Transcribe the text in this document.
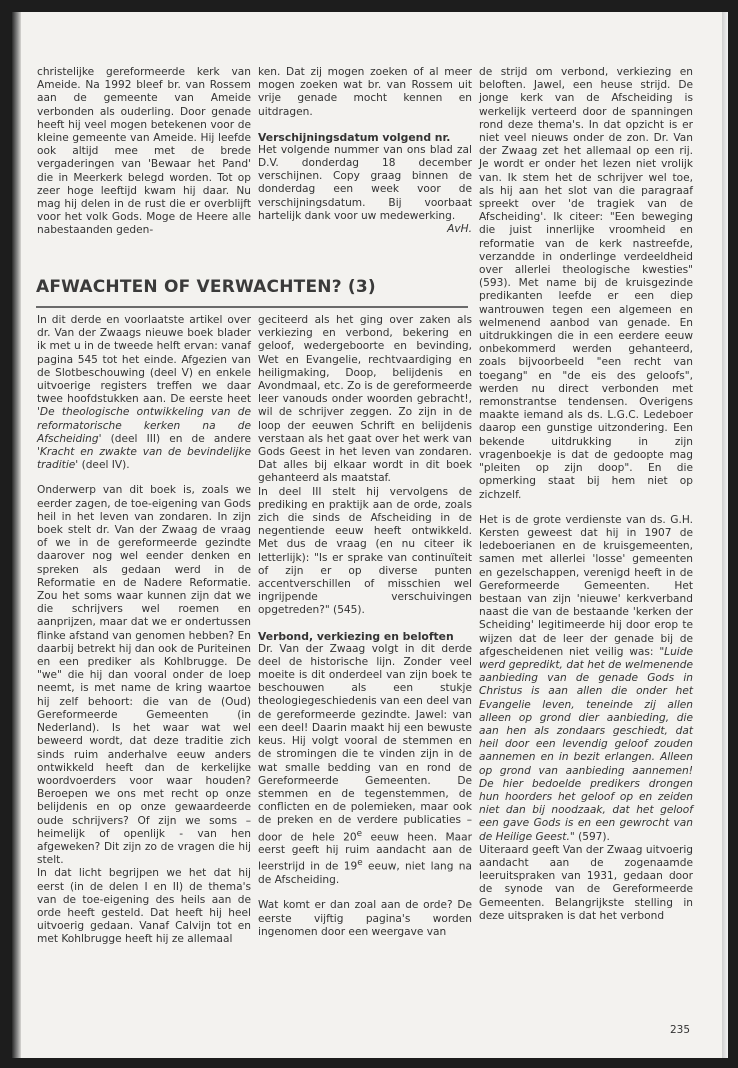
christelijke gereformeerde kerk van Ameide. Na 1992 bleef br. van Rossem aan de gemeente van Ameide verbonden als ouderling. Door genade heeft hij veel mogen betekenen voor de kleine gemeente van Ameide. Hij leefde ook altijd mee met de brede vergaderingen van 'Bewaar het Pand' die in Meerkerk belegd worden. Tot op zeer hoge leeftijd kwam hij daar. Nu mag hij delen in de rust die er overblijft voor het volk Gods. Moge de Heere alle nabestaanden geden-

ken. Dat zij mogen zoeken of al meer mogen zoeken wat br. van Rossem uit vrije genade mocht kennen en uitdragen.

Verschijningsdatum volgend nr.

Het volgende nummer van ons blad zal D.V. donderdag 18 december verschijnen. Copy graag binnen de donderdag een week voor de verschijningsdatum. Bij voorbaat hartelijk dank voor uw medewerking.

AvH.

AFWACHTEN OF VERWACHTEN? (3)

In dit derde en voorlaatste artikel over dr. Van der Zwaags nieuwe boek blader ik met u in de tweede helft ervan: vanaf pagina 545 tot het einde. Afgezien van de Slotbeschouwing (deel V) en enkele uitvoerige registers treffen we daar twee hoofdstukken aan. De eerste heet 'De theologische ontwikkeling van de reformatorische kerken na de Afscheiding' (deel III) en de andere 'Kracht en zwakte van de bevindelijke traditie' (deel IV).

Onderwerp van dit boek is, zoals we eerder zagen, de toe-eigening van Gods heil in het leven van zondaren. In zijn boek stelt dr. Van der Zwaag de vraag of we in de gereformeerde gezindte daarover nog wel eender denken en spreken als gedaan werd in de Reformatie en de Nadere Reformatie. Zou het soms waar kunnen zijn dat we die schrijvers wel roemen en aanprijzen, maar dat we er ondertussen flinke afstand van genomen hebben? En daarbij betrekt hij dan ook de Puriteinen en een prediker als Kohlbrugge. De "we" die hij dan vooral onder de loep neemt, is met name de kring waartoe hij zelf behoort: die van de (Oud) Gereformeerde Gemeenten (in Nederland). Is het waar wat wel beweerd wordt, dat deze traditie zich sinds ruim anderhalve eeuw anders ontwikkeld heeft dan de kerkelijke woordvoerders voor waar houden? Beroepen we ons met recht op onze belijdenis en op onze gewaardeerde oude schrijvers? Of zijn we soms – heimelijk of openlijk - van hen afgeweken? Dit zijn zo de vragen die hij stelt.

In dat licht begrijpen we het dat hij eerst (in de delen I en II) de thema's van de toe-eigening des heils aan de orde heeft gesteld. Dat heeft hij heel uitvoerig gedaan. Vanaf Calvijn tot en met Kohlbrugge heeft hij ze allemaal

geciteerd als het ging over zaken als verkiezing en verbond, bekering en geloof, wedergeboorte en bevinding, Wet en Evangelie, rechtvaardiging en heiligmaking, Doop, belijdenis en Avondmaal, etc. Zo is de gereformeerde leer vanouds onder woorden gebracht!, wil de schrijver zeggen. Zo zijn in de loop der eeuwen Schrift en belijdenis verstaan als het gaat over het werk van Gods Geest in het leven van zondaren. Dat alles bij elkaar wordt in dit boek gehanteerd als maatstaf.

In deel III stelt hij vervolgens de prediking en praktijk aan de orde, zoals zich die sinds de Afscheiding in de negentiende eeuw heeft ontwikkeld. Met dus de vraag (en nu citeer ik letterlijk): "Is er sprake van continuïteit of zijn er op diverse punten accentverschillen of misschien wel ingrijpende verschuivingen opgetreden?" (545).

Verbond, verkiezing en beloften

Dr. Van der Zwaag volgt in dit derde deel de historische lijn. Zonder veel moeite is dit onderdeel van zijn boek te beschouwen als een stukje theologiegeschiedenis van een deel van de gereformeerde gezindte. Jawel: van een deel! Daarin maakt hij een bewuste keus. Hij volgt vooral de stemmen en de stromingen die te vinden zijn in de wat smalle bedding van en rond de Gereformeerde Gemeenten. De stemmen en de tegenstemmen, de conflicten en de polemieken, maar ook de preken en de verdere publicaties – door de hele 20e eeuw heen. Maar eerst geeft hij ruim aandacht aan de leerstrijd in de 19e eeuw, niet lang na de Afscheiding.

Wat komt er dan zoal aan de orde? De eerste vijftig pagina's worden ingenomen door een weergave van

de strijd om verbond, verkiezing en beloften. Jawel, een heuse strijd. De jonge kerk van de Afscheiding is werkelijk verteerd door de spanningen rond deze thema's. In dat opzicht is er niet veel nieuws onder de zon. Dr. Van der Zwaag zet het allemaal op een rij. Je wordt er onder het lezen niet vrolijk van. Ik stem het de schrijver wel toe, als hij aan het slot van die paragraaf spreekt over 'de tragiek van de Afscheiding'. Ik citeer: "Een beweging die juist innerlijke vroomheid en reformatie van de kerk nastreefde, verzandde in onderlinge verdeeldheid over allerlei theologische kwesties" (593). Met name bij de kruisgezinde predikanten leefde er een diep wantrouwen tegen een algemeen en welmenend aanbod van genade. En uitdrukkingen die in een eerdere eeuw onbekommerd werden gehanteerd, zoals bijvoorbeeld "een recht van toegang" en "de eis des geloofs", werden nu direct verbonden met remonstrantse tendensen. Overigens maakte iemand als ds. L.G.C. Ledeboer daarop een gunstige uitzondering. Een bekende uitdrukking in zijn vragenboekje is dat de gedoopte mag "pleiten op zijn doop". En die opmerking staat bij hem niet op zichzelf.

Het is de grote verdienste van ds. G.H. Kersten geweest dat hij in 1907 de ledeboerianen en de kruisgemeenten, samen met allerlei 'losse' gemeenten en gezelschappen, verenigd heeft in de Gereformeerde Gemeenten. Het bestaan van zijn 'nieuwe' kerkverband naast die van de bestaande 'kerken der Scheiding' legitimeerde hij door erop te wijzen dat de leer der genade bij de afgescheidenen niet veilig was: "Luide werd gepredikt, dat het de welmenende aanbieding van de genade Gods in Christus is aan allen die onder het Evangelie leven, teneinde zij allen alleen op grond dier aanbieding, die aan hen als zondaars geschiedt, dat heil door een levendig geloof zouden aannemen en in bezit erlangen. Alleen op grond van aanbieding aannemen! De hier bedoelde predikers drongen hun hoorders het geloof op en zeiden niet dan bij noodzaak, dat het geloof een gave Gods is en een gewrocht van de Heilige Geest." (597).

Uiteraard geeft Van der Zwaag uitvoerig aandacht aan de zogenaamde leeruitspraken van 1931, gedaan door de synode van de Gereformeerde Gemeenten. Belangrijkste stelling in deze uitspraken is dat het verbond

235
